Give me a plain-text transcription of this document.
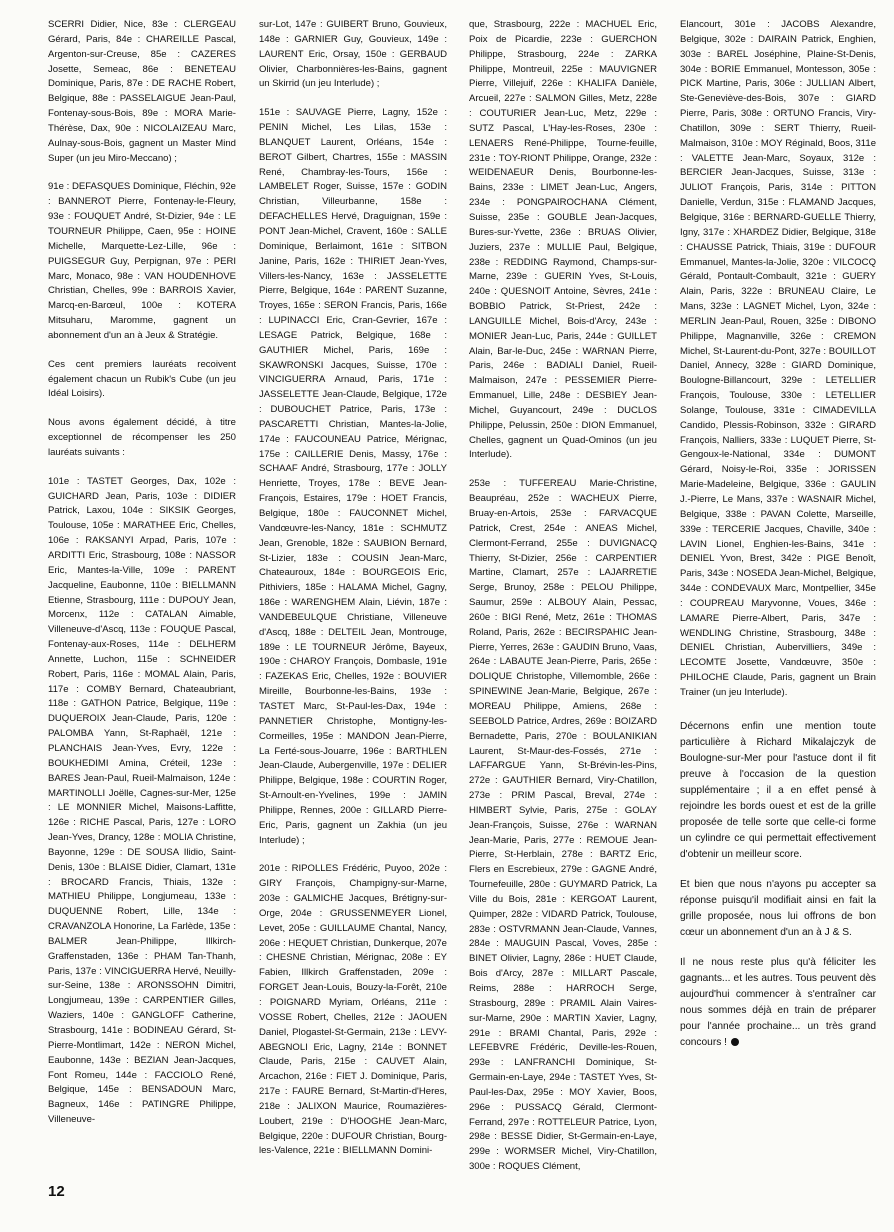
SCERRI Didier, Nice, 83e : CLERGEAU Gérard, Paris, 84e : CHAREILLE Pascal, Argenton-sur-Creuse, 85e : CAZERES Josette, Semeac, 86e : BENETEAU Dominique, Paris, 87e : DE RACHE Robert, Belgique, 88e : PASSELAIGUE Jean-Paul, Fontenay-sous-Bois, 89e : MORA Marie-Thérèse, Dax, 90e : NICOLAIZEAU Marc, Aulnay-sous-Bois, gagnent un Master Mind Super (un jeu Miro-Meccano) ;

91e : DEFASQUES Dominique, Fléchin, 92e : BANNEROT Pierre, Fontenay-le-Fleury, 93e : FOUQUET André, St-Dizier, 94e : LE TOURNEUR Philippe, Caen, 95e : HOINE Michelle, Marquette-Lez-Lille, 96e : PUIGSEGUR Guy, Perpignan, 97e : PERI Marc, Monaco, 98e : VAN HOUDENHOVE Christian, Chelles, 99e : BARROIS Xavier, Marcq-en-Barœul, 100e : KOTERA Mitsuharu, Maromme, gagnent un abonnement d'un an à Jeux & Stratégie.

Ces cent premiers lauréats recoivent également chacun un Rubik's Cube (un jeu Idéal Loisirs).

Nous avons également décidé, à titre exceptionnel de récompenser les 250 lauréats suivants :

101e : TASTET Georges, Dax, 102e : GUICHARD Jean, Paris, 103e : DIDIER Patrick, Laxou, 104e : SIKSIK Georges, Toulouse, 105e : MARATHEE Eric, Chelles, 106e : RAKSANYI Arpad, Paris, 107e : ARDITTI Eric, Strasbourg, 108e : NASSOR Eric, Mantes-la-Ville, 109e : PARENT Jacqueline, Eaubonne, 110e : BIELLMANN Etienne, Strasbourg, 111e : DUPOUY Jean, Morcenx, 112e : CATALAN Aimable, Villeneuve-d'Ascq, 113e : FOUQUE Pascal, Fontenay-aux-Roses, 114e : DELHERM Annette, Luchon, 115e : SCHNEIDER Robert, Paris, 116e : MOMAL Alain, Paris, 117e : COMBY Bernard, Chateaubriant, 118e : GATHON Patrice, Belgique, 119e : DUQUEROIX Jean-Claude, Paris, 120e : PALOMBA Yann, St-Raphaël, 121e : PLANCHAIS Jean-Yves, Evry, 122e : BOUKHEDIMI Amina, Créteil, 123e : BARES Jean-Paul, Rueil-Malmaison, 124e : MARTINOLLI Joëlle, Cagnes-sur-Mer, 125e : LE MONNIER Michel, Maisons-Laffitte, 126e : RICHE Pascal, Paris, 127e : LORO Jean-Yves, Drancy, 128e : MOLIA Christine, Bayonne, 129e : DE SOUSA Ilidio, Saint-Denis, 130e : BLAISE Didier, Clamart, 131e : BROCARD Francis, Thiais, 132e : MATHIEU Philippe, Longjumeau, 133e : DUQUENNE Robert, Lille, 134e : CRAVANZOLA Honorine, La Farlède, 135e : BALMER Jean-Philippe, Illkirch-Graffenstaden, 136e : PHAM Tan-Thanh, Paris, 137e : VINCIGUERRA Hervé, Neuilly-sur-Seine, 138e : ARONSSOHN Dimitri, Longjumeau, 139e : CARPENTIER Gilles, Waziers, 140e : GANGLOFF Catherine, Strasbourg, 141e : BODINEAU Gérard, St-Pierre-Montlimart, 142e : NERON Michel, Eaubonne, 143e : BEZIAN Jean-Jacques, Font Romeu, 144e : FACCIOLO René, Belgique, 145e : BENSADOUN Marc, Bagneux, 146e : PATINGRE Philippe, Villeneuve-

sur-Lot, 147e : GUIBERT Bruno, Gouvieux, 148e : GARNIER Guy, Gouvieux, 149e : LAURENT Eric, Orsay, 150e : GERBAUD Olivier, Charbonnières-les-Bains, gagnent un Skirrid (un jeu Interlude) ;

151e : SAUVAGE Pierre, Lagny, 152e : PENIN Michel, Les Lilas, 153e : BLANQUET Laurent, Orléans, 154e : BEROT Gilbert, Chartres, 155e : MASSIN René, Chambray-les-Tours, 156e : LAMBELET Roger, Suisse, 157e : GODIN Christian, Villeurbanne, 158e : DEFACHELLES Hervé, Draguignan, 159e : PONT Jean-Michel, Cravent, 160e : SALLE Dominique, Berlaimont, 161e : SITBON Janine, Paris, 162e : THIRIET Jean-Yves, Villers-les-Nancy, 163e : JASSELETTE Pierre, Belgique, 164e : PARENT Suzanne, Troyes, 165e : SERON Francis, Paris, 166e : LUPINACCI Eric, Cran-Gevrier, 167e : LESAGE Patrick, Belgique, 168e : GAUTHIER Michel, Paris, 169e : SKAWRONSKI Jacques, Suisse, 170e : VINCIGUERRA Arnaud, Paris, 171e : JASSELETTE Jean-Claude, Belgique, 172e : DUBOUCHET Patrice, Paris, 173e : PASCARETTI Christian, Mantes-la-Jolie, 174e : FAUCOUNEAU Patrice, Mérignac, 175e : CAILLERIE Denis, Massy, 176e : SCHAAF André, Strasbourg, 177e : JOLLY Henriette, Troyes, 178e : BEVE Jean-François, Estaires, 179e : HOET Francis, Belgique, 180e : FAUCONNET Michel, Vandœuvre-les-Nancy, 181e : SCHMUTZ Jean, Grenoble, 182e : SAUBION Bernard, St-Lizier, 183e : COUSIN Jean-Marc, Chateauroux, 184e : BOURGEOIS Eric, Pithiviers, 185e : HALAMA Michel, Gagny, 186e : WARENGHEM Alain, Liévin, 187e : VANDEBEULQUE Christiane, Villeneuve d'Ascq, 188e : DELTEIL Jean, Montrouge, 189e : LE TOURNEUR Jérôme, Bayeux, 190e : CHAROY François, Dombasle, 191e : FAZEKAS Eric, Chelles, 192e : BOUVIER Mireille, Bourbonne-les-Bains, 193e : TASTET Marc, St-Paul-les-Dax, 194e : PANNETIER Christophe, Montigny-les-Cormeilles, 195e : MANDON Jean-Pierre, La Ferté-sous-Jouarre, 196e : BARTHLEN Jean-Claude, Aubergenville, 197e : DELIER Philippe, Belgique, 198e : COURTIN Roger, St-Arnoult-en-Yvelines, 199e : JAMIN Philippe, Rennes, 200e : GILLARD Pierre-Eric, Paris, gagnent un Zakhia (un jeu Interlude) ;

201e : RIPOLLES Frédéric, Puyoo, 202e : GIRY François, Champigny-sur-Marne, 203e : GALMICHE Jacques, Brétigny-sur-Orge, 204e : GRUSSENMEYER Lionel, Levet, 205e : GUILLAUME Chantal, Nancy, 206e : HEQUET Christian, Dunkerque, 207e : CHESNE Christian, Mérignac, 208e : EY Fabien, Illkirch Graffenstaden, 209e : FORGET Jean-Louis, Bouzy-la-Forêt, 210e : POIGNARD Myriam, Orléans, 211e : VOSSE Robert, Chelles, 212e : JAOUEN Daniel, Plogastel-St-Germain, 213e : LEVY-ABEGNOLI Eric, Lagny, 214e : BONNET Claude, Paris, 215e : CAUVET Alain, Arcachon, 216e : FIET J. Dominique, Paris, 217e : FAURE Bernard, St-Martin-d'Heres, 218e : JALIXON Maurice, Roumazières-Loubert, 219e : D'HOOGHE Jean-Marc, Belgique, 220e : DUFOUR Christian, Bourg-les-Valence, 221e : BIELLMANN Domini-

que, Strasbourg, 222e : MACHUEL Eric, Poix de Picardie, 223e : GUERCHON Philippe, Strasbourg, 224e : ZARKA Philippe, Montreuil, 225e : MAUVIGNER Pierre, Villejuif, 226e : KHALIFA Danièle, Arcueil, 227e : SALMON Gilles, Metz, 228e : COUTURIER Jean-Luc, Metz, 229e : SUTZ Pascal, L'Hay-les-Roses, 230e : LENAERS René-Philippe, Tourne-feuille, 231e : TOY-RIONT Philippe, Orange, 232e : WEIDENAEUR Denis, Bourbonne-les-Bains, 233e : LIMET Jean-Luc, Angers, 234e : PONGPAIROCHANA Clément, Suisse, 235e : GOUBLE Jean-Jacques, Bures-sur-Yvette, 236e : BRUAS Olivier, Juziers, 237e : MULLIE Paul, Belgique, 238e : REDDING Raymond, Champs-sur-Marne, 239e : GUERIN Yves, St-Louis, 240e : QUESNOIT Antoine, Sèvres, 241e : BOBBIO Patrick, St-Priest, 242e : LANGUILLE Michel, Bois-d'Arcy, 243e : MONIER Jean-Luc, Paris, 244e : GUILLET Alain, Bar-le-Duc, 245e : WARNAN Pierre, Paris, 246e : BADIALI Daniel, Rueil-Malmaison, 247e : PESSEMIER Pierre-Emmanuel, Lille, 248e : DESBIEY Jean-Michel, Guyancourt, 249e : DUCLOS Philippe, Pelussin, 250e : DION Emmanuel, Chelles, gagnent un Quad-Ominos (un jeu Interlude).

253e : TUFFEREAU Marie-Christine, Beaupréau, 252e : WACHEUX Pierre, Bruay-en-Artois, 253e : FARVACQUE Patrick, Crest, 254e : ANEAS Michel, Clermont-Ferrand, 255e : DUVIGNACQ Thierry, St-Dizier, 256e : CARPENTIER Martine, Clamart, 257e : LAJARRETIE Serge, Brunoy, 258e : PELOU Philippe, Saumur, 259e : ALBOUY Alain, Pessac, 260e : BIGI René, Metz, 261e : THOMAS Roland, Paris, 262e : BECIRSPAHIC Jean-Pierre, Yerres, 263e : GAUDIN Bruno, Vaas, 264e : LABAUTE Jean-Pierre, Paris, 265e : DOLIQUE Christophe, Villemomble, 266e : SPINEWINE Jean-Marie, Belgique, 267e : MOREAU Philippe, Amiens, 268e : SEEBOLD Patrice, Ardres, 269e : BOIZARD Bernadette, Paris, 270e : BOULANIKIAN Laurent, St-Maur-des-Fossés, 271e : LAFFARGUE Yann, St-Brévin-les-Pins, 272e : GAUTHIER Bernard, Viry-Chatillon, 273e : PRIM Pascal, Breval, 274e : HIMBERT Sylvie, Paris, 275e : GOLAY Jean-François, Suisse, 276e : WARNAN Jean-Marie, Paris, 277e : REMOUE Jean-Pierre, St-Herblain, 278e : BARTZ Eric, Flers en Escrebieux, 279e : GAGNE André, Tournefeuille, 280e : GUYMARD Patrick, La Ville du Bois, 281e : KERGOAT Laurent, Quimper, 282e : VIDARD Patrick, Toulouse, 283e : OSTVRMANN Jean-Claude, Vannes, 284e : MAUGUIN Pascal, Voves, 285e : BINET Olivier, Lagny, 286e : HUET Claude, Bois d'Arcy, 287e : MILLART Pascale, Reims, 288e : HARROCH Serge, Strasbourg, 289e : PRAMIL Alain Vaires-sur-Marne, 290e : MARTIN Xavier, Lagny, 291e : BRAMI Chantal, Paris, 292e : LEFEBVRE Frédéric, Deville-les-Rouen, 293e : LANFRANCHI Dominique, St-Germain-en-Laye, 294e : TASTET Yves, St-Paul-les-Dax, 295e : MOY Xavier, Boos, 296e : PUSSACQ Gérald, Clermont-Ferrand, 297e : ROTTELEUR Patrice, Lyon, 298e : BESSE Didier, St-Germain-en-Laye, 299e : WORMSER Michel, Viry-Chatillon, 300e : ROQUES Clément,

Elancourt, 301e : JACOBS Alexandre, Belgique, 302e : DAIRAIN Patrick, Enghien, 303e : BAREL Joséphine, Plaine-St-Denis, 304e : BORIE Emmanuel, Montesson, 305e : PICK Martine, Paris, 306e : JULLIAN Albert, Ste-Geneviève-des-Bois, 307e : GIARD Pierre, Paris, 308e : ORTUNO Francis, Viry-Chatillon, 309e : SERT Thierry, Rueil-Malmaison, 310e : MOY Réginald, Boos, 311e : VALETTE Jean-Marc, Soyaux, 312e : BERCIER Jean-Jacques, Suisse, 313e : JULIOT François, Paris, 314e : PITTON Danielle, Verdun, 315e : FLAMAND Jacques, Belgique, 316e : BERNARD-GUELLE Thierry, Igny, 317e : XHARDEZ Didier, Belgique, 318e : CHAUSSE Patrick, Thiais, 319e : DUFOUR Emmanuel, Mantes-la-Jolie, 320e : VILCOCQ Gérald, Pontault-Combault, 321e : GUERY Alain, Paris, 322e : BRUNEAU Claire, Le Mans, 323e : LAGNET Michel, Lyon, 324e : MERLIN Jean-Paul, Rouen, 325e : DIBONO Philippe, Magnanville, 326e : CREMON Michel, St-Laurent-du-Pont, 327e : BOUILLOT Daniel, Annecy, 328e : GIARD Dominique, Boulogne-Billancourt, 329e : LETELLIER François, Toulouse, 330e : LETELLIER Solange, Toulouse, 331e : CIMADEVILLA Candido, Plessis-Robinson, 332e : GIRARD François, Nalliers, 333e : LUQUET Pierre, St-Gengoux-le-National, 334e : DUMONT Gérard, Noisy-le-Roi, 335e : JORISSEN Marie-Madeleine, Belgique, 336e : GAULIN J.-Pierre, Le Mans, 337e : WASNAIR Michel, Belgique, 338e : PAVAN Colette, Marseille, 339e : TERCERIE Jacques, Chaville, 340e : LAVIN Lionel, Enghien-les-Bains, 341e : DENIEL Yvon, Brest, 342e : PIGE Benoît, Paris, 343e : NOSEDA Jean-Michel, Belgique, 344e : CONDEVAUX Marc, Montpellier, 345e : COUPREAU Maryvonne, Voues, 346e : LAMARE Pierre-Albert, Paris, 347e : WENDLING Christine, Strasbourg, 348e : DENIEL Christian, Aubervilliers, 349e : LECOMTE Josette, Vandœuvre, 350e : PHILOCHE Claude, Paris, gagnent un Brain Trainer (un jeu Interlude).

Décernons enfin une mention toute particulière à Richard Mikalajczyk de Boulogne-sur-Mer pour l'astuce dont il fit preuve à l'occasion de la question supplémentaire ; il a en effet pensé à rejoindre les bords ouest et est de la grille proposée de telle sorte que celle-ci forme un cylindre ce qui permettait effectivement d'obtenir un meilleur score.

Et bien que nous n'ayons pu accepter sa réponse puisqu'il modifiait ainsi en fait la grille proposée, nous lui offrons de bon cœur un abonnement d'un an à J & S.

Il ne nous reste plus qu'à féliciter les gagnants... et les autres. Tous peuvent dès aujourd'hui commencer à s'entraîner car nous sommes déjà en train de préparer pour l'année prochaine... un très grand concours !

12
